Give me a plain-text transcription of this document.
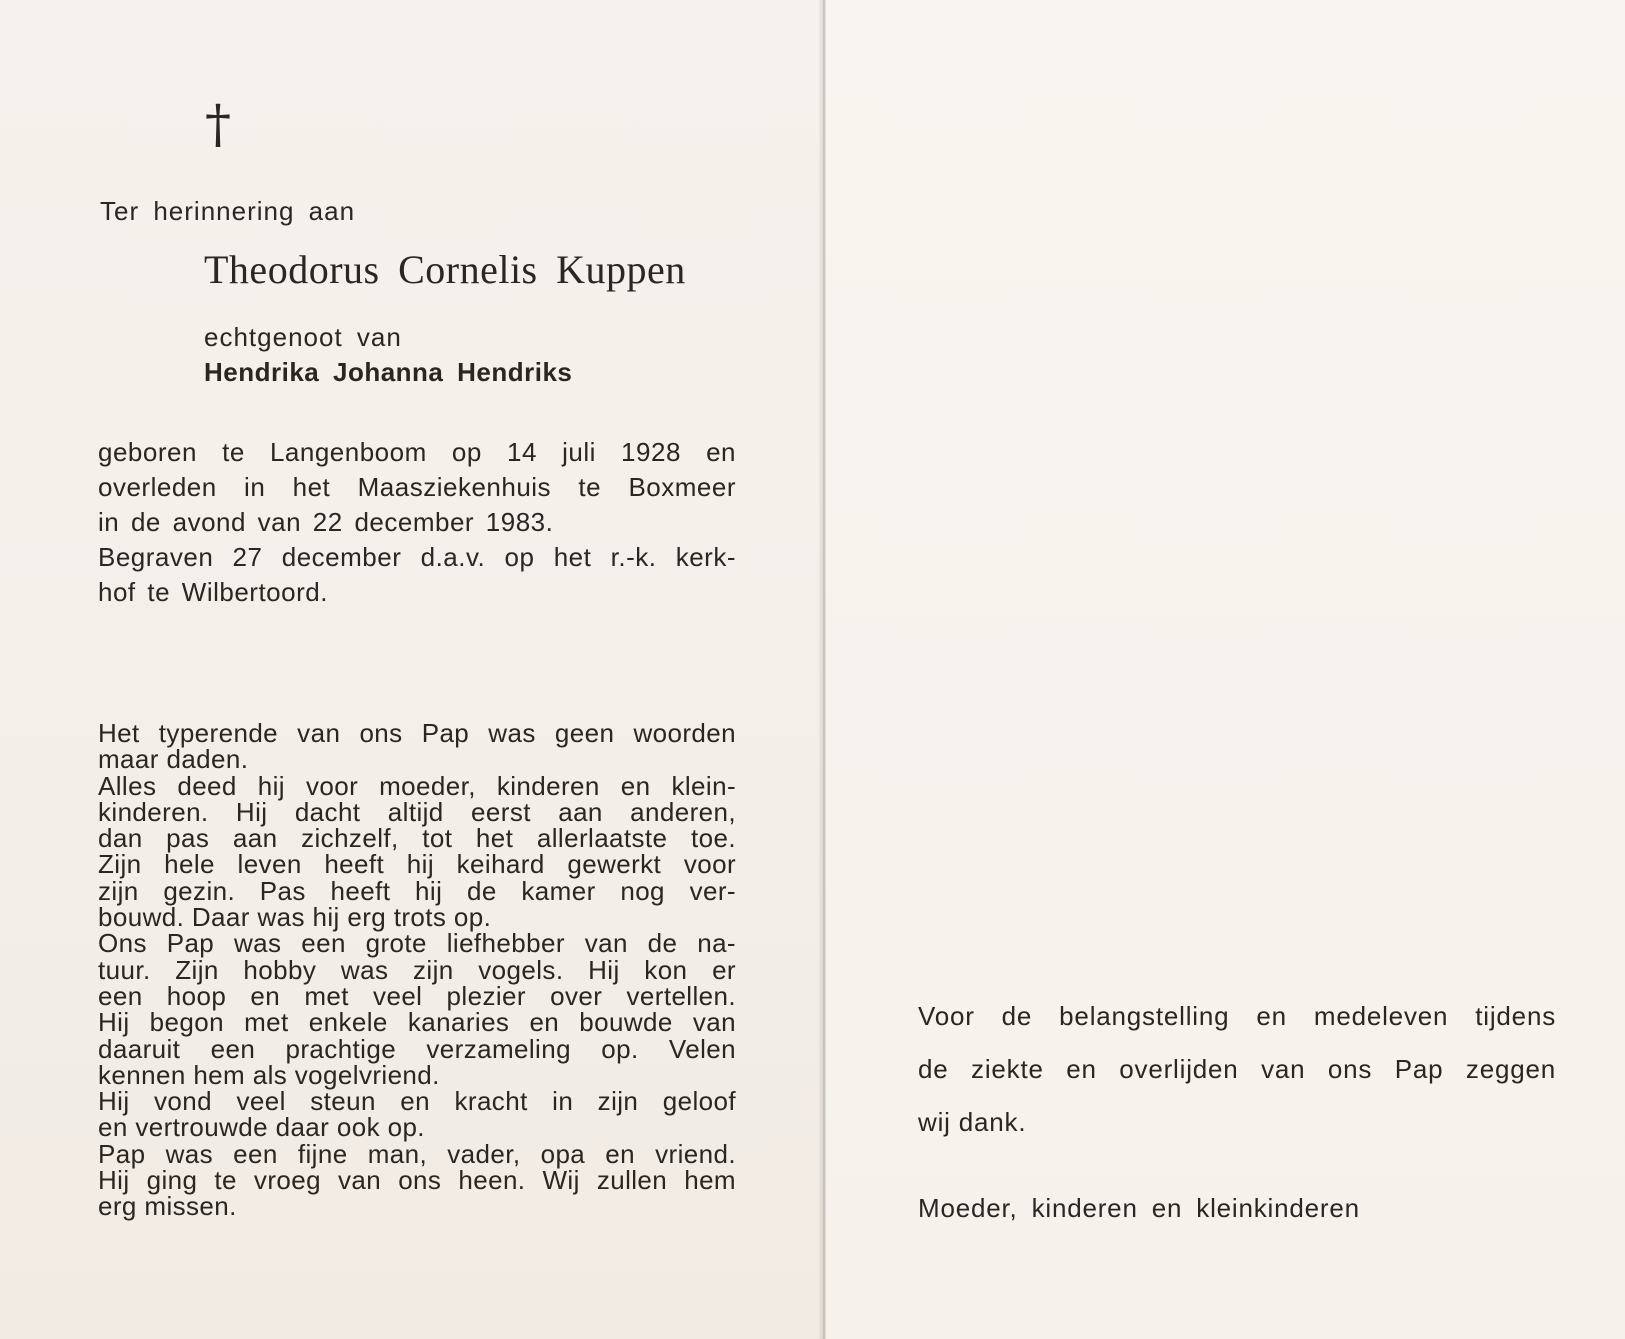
†
Ter herinnering aan
Theodorus Cornelis Kuppen
echtgenoot van
Hendrika Johanna Hendriks

geboren te Langenboom op 14 juli 1928 en

overleden in het Maasziekenhuis te Boxmeer

in de avond van 22 december 1983.

Begraven 27 december d.a.v. op het r.-k. kerk-

hof te Wilbertoord.

Het typerende van ons Pap was geen woorden

maar daden.

Alles deed hij voor moeder, kinderen en klein-

kinderen. Hij dacht altijd eerst aan anderen,

dan pas aan zichzelf, tot het allerlaatste toe.

Zijn hele leven heeft hij keihard gewerkt voor

zijn gezin. Pas heeft hij de kamer nog ver-

bouwd. Daar was hij erg trots op.

Ons Pap was een grote liefhebber van de na-

tuur. Zijn hobby was zijn vogels. Hij kon er

een hoop en met veel plezier over vertellen.

Hij begon met enkele kanaries en bouwde van

daaruit een prachtige verzameling op. Velen

kennen hem als vogelvriend.

Hij vond veel steun en kracht in zijn geloof

en vertrouwde daar ook op.

Pap was een fijne man, vader, opa en vriend.

Hij ging te vroeg van ons heen. Wij zullen hem

erg missen.

Voor de belangstelling en medeleven tijdens

de ziekte en overlijden van ons Pap zeggen

wij dank.

Moeder, kinderen en kleinkinderen
